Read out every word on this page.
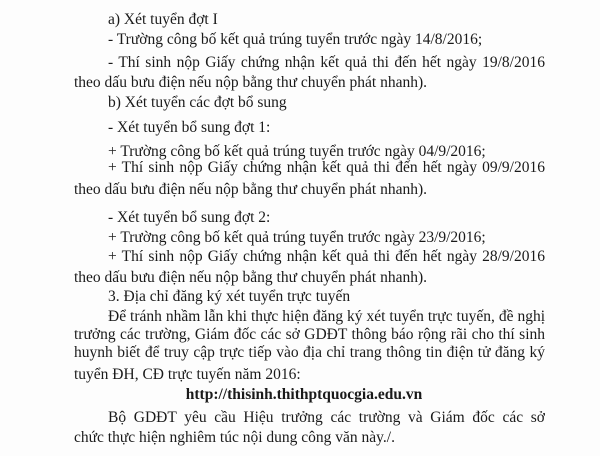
a) Xét tuyển đợt I
- Trường công bố kết quả trúng tuyển trước ngày 14/8/2016;
- Thí sinh nộp Giấy chứng nhận kết quả thi đến hết ngày 19/8/2016
theo dấu bưu điện nếu nộp bằng thư chuyển phát nhanh).
b) Xét tuyển các đợt bổ sung
- Xét tuyển bổ sung đợt 1:
+ Trường công bố kết quả trúng tuyển trước ngày 04/9/2016;
+ Thí sinh nộp Giấy chứng nhận kết quả thi đến hết ngày 09/9/2016
theo dấu bưu điện nếu nộp bằng thư chuyển phát nhanh).
- Xét tuyển bổ sung đợt 2:
+ Trường công bố kết quả trúng tuyển trước ngày 23/9/2016;
+ Thí sinh nộp Giấy chứng nhận kết quả thi đến hết ngày 28/9/2016
theo dấu bưu điện nếu nộp bằng thư chuyển phát nhanh).
3. Địa chỉ đăng ký xét tuyển trực tuyến
Để tránh nhầm lẫn khi thực hiện đăng ký xét tuyển trực tuyến, đề nghị
trưởng các trường, Giám đốc các sở GDĐT thông báo rộng rãi cho thí sinh
huynh biết để truy cập trực tiếp vào địa chỉ trang thông tin điện tử đăng ký
tuyển ĐH, CĐ trực tuyến năm 2016:
http://thisinh.thithptquocgia.edu.vn
Bộ GDĐT yêu cầu Hiệu trưởng các trường và Giám đốc các sở
chức thực hiện nghiêm túc nội dung công văn này./.
